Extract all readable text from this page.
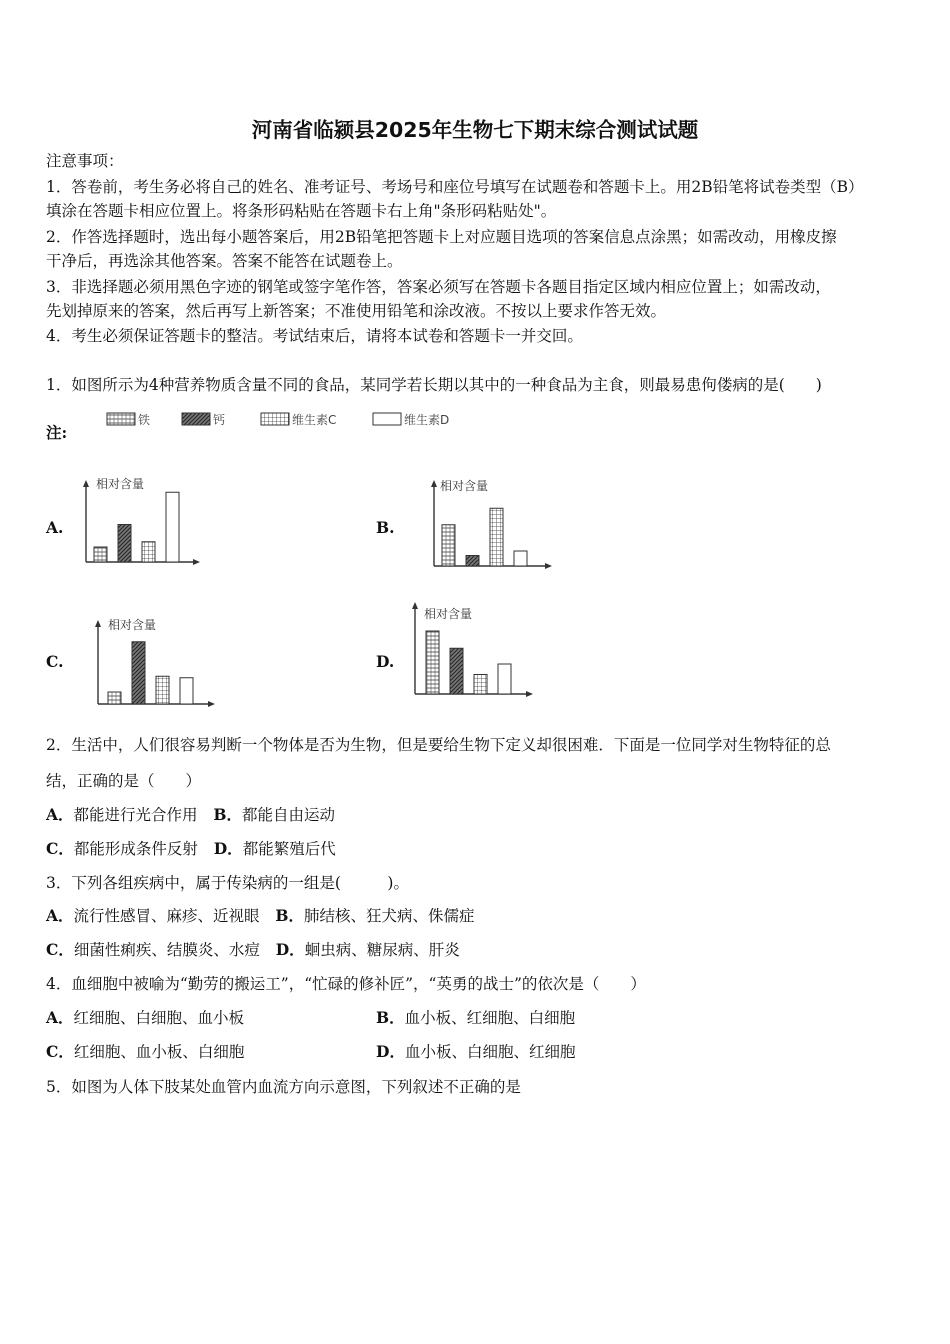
河南省临颍县2025年生物七下期末综合测试试题
注意事项：
1．答卷前，考生务必将自己的姓名、准考证号、考场号和座位号填写在试题卷和答题卡上。用2B铅笔将试卷类型（B）
填涂在答题卡相应位置上。将条形码粘贴在答题卡右上角"条形码粘贴处"。
2．作答选择题时，选出每小题答案后，用2B铅笔把答题卡上对应题目选项的答案信息点涂黑；如需改动，用橡皮擦
干净后，再选涂其他答案。答案不能答在试题卷上。
3．非选择题必须用黑色字迹的钢笔或签字笔作答，答案必须写在答题卡各题目指定区域内相应位置上；如需改动，
先划掉原来的答案，然后再写上新答案；不准使用铅笔和涂改液。不按以上要求作答无效。
4．考生必须保证答题卡的整洁。考试结束后，请将本试卷和答题卡一并交回。
1．如图所示为4种营养物质含量不同的食品，某同学若长期以其中的一种食品为主食，则最易患佝偻病的是(　　)
注:
铁	钙	维生素C	维生素D
A.	B.
C.	D.
相对含量	相对含量
相对含量
相对含量
2．生活中，人们很容易判断一个物体是否为生物，但是要给生物下定义却很困难．下面是一位同学对生物特征的总
结，正确的是（　　）
A．都能进行光合作用 B．都能自由运动
C．都能形成条件反射 D．都能繁殖后代
3．下列各组疾病中，属于传染病的一组是(　　　)。
A．流行性感冒、麻疹、近视眼 B．肺结核、狂犬病、侏儒症
C．细菌性痢疾、结膜炎、水痘 D．蛔虫病、糖尿病、肝炎
4．血细胞中被喻为“勤劳的搬运工”，“忙碌的修补匠”，“英勇的战士”的依次是（　　）
A．红细胞、白细胞、血小板	B．血小板、红细胞、白细胞
C．红细胞、血小板、白细胞	D．血小板、白细胞、红细胞
5．如图为人体下肢某处血管内血流方向示意图，下列叙述不正确的是
